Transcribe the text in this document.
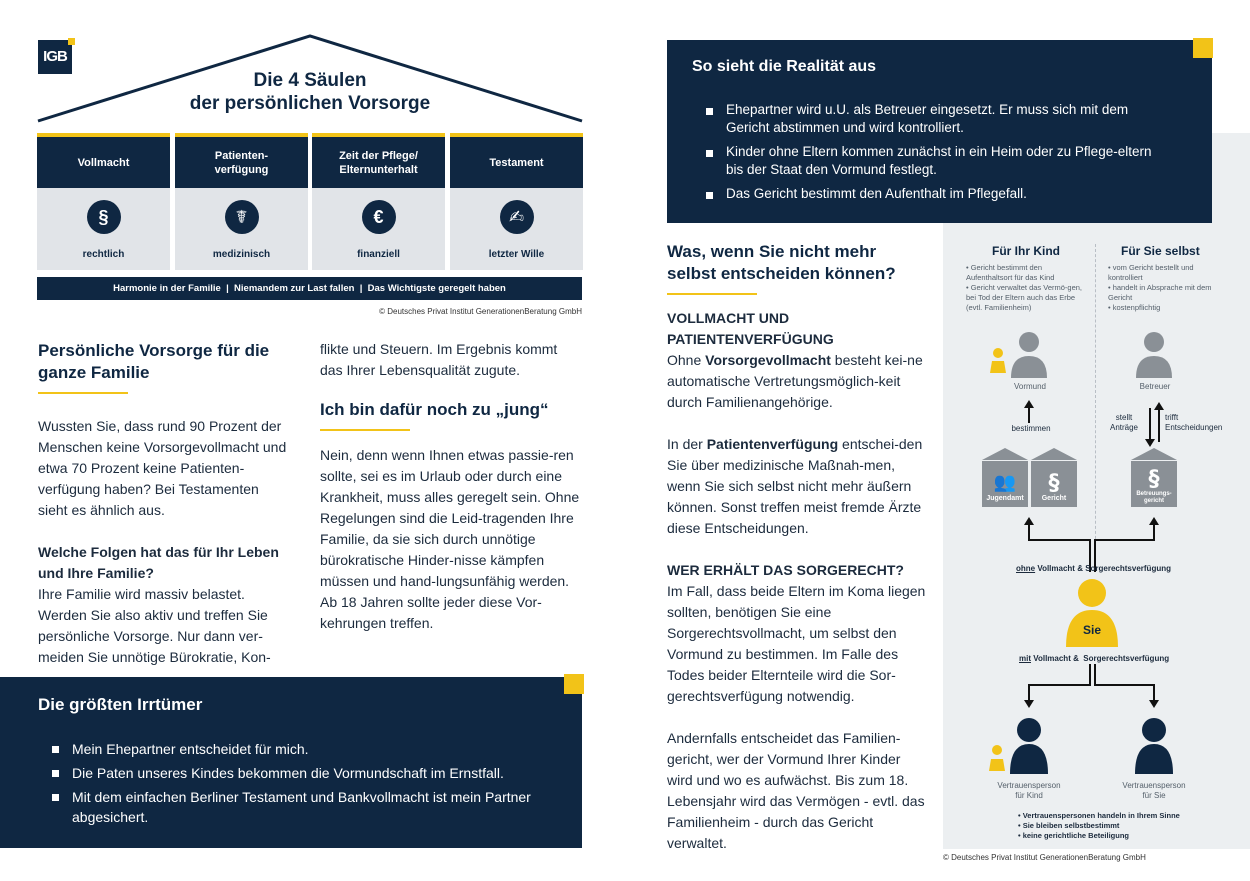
IGB
Die 4 Säulen
der persönlichen Vorsorge
Vollmacht
§
rechtlich
Patienten-
verfügung
☤
medizinisch
Zeit der Pflege/
Elternunterhalt
€
finanziell
Testament
✍
letzter Wille
Harmonie in der Familie  |  Niemandem zur Last fallen  |  Das Wichtigste geregelt haben
© Deutsches Privat Institut GenerationenBeratung GmbH
Persönliche Vorsorge für die ganze Familie

Wussten Sie, dass rund 90 Prozent der Menschen keine Vorsorgevollmacht und etwa 70 Prozent keine Patienten-verfügung haben? Bei Testamenten sieht es ähnlich aus.

Welche Folgen hat das für Ihr Leben und Ihre Familie?

Ihre Familie wird massiv belastet. Werden Sie also aktiv und treffen Sie persönliche Vorsorge. Nur dann ver-meiden Sie unnötige Bürokratie, Kon-

flikte und Steuern. Im Ergebnis kommt das Ihrer Lebensqualität zugute.

Ich bin dafür noch zu „jung“

Nein, denn wenn Ihnen etwas passie-ren sollte, sei es im Urlaub oder durch eine Krankheit, muss alles geregelt sein. Ohne Regelungen sind die Leid-tragenden Ihre Familie, da sie sich durch unnötige bürokratische Hinder-nisse kämpfen müssen und hand-lungsunfähig werden.

Ab 18 Jahren sollte jeder diese Vor-kehrungen treffen.

Die größten Irrtümer
Mein Ehepartner entscheidet für mich.
Die Paten unseres Kindes bekommen die Vormundschaft im Ernstfall.
Mit dem einfachen Berliner Testament und Bankvollmacht ist mein Partner abgesichert.
So sieht die Realität aus
Ehepartner wird u.U. als Betreuer eingesetzt. Er muss sich mit dem Gericht abstimmen und wird kontrolliert.
Kinder ohne Eltern kommen zunächst in ein Heim oder zu Pflege-eltern bis der Staat den Vormund festlegt.
Das Gericht bestimmt den Aufenthalt im Pflegefall.
Was, wenn Sie nicht mehr selbst entscheiden können?

VOLLMACHT UND PATIENTENVERFÜGUNG

Ohne Vorsorgevollmacht besteht kei-ne automatische Vertretungsmöglich-keit durch Familienangehörige.

In der Patientenverfügung entschei-den Sie über medizinische Maßnah-men, wenn Sie sich selbst nicht mehr äußern können. Sonst treffen meist fremde Ärzte diese Entscheidungen.

WER ERHÄLT DAS SORGERECHT?

Im Fall, dass beide Eltern im Koma liegen sollten, benötigen Sie eine Sorgerechtsvollmacht, um selbst den Vormund zu bestimmen. Im Falle des Todes beider Elternteile wird die Sor-gerechtsverfügung notwendig.

Andernfalls entscheidet das Familien-gericht, wer der Vormund Ihrer Kinder wird und wo es aufwächst. Bis zum 18. Lebensjahr wird das Vermögen - evtl. das Familienheim - durch das Gericht verwaltet.

Für Ihr Kind	Für Sie selbst
• Gericht bestimmt den Aufenthaltsort für das Kind
• Gericht verwaltet das Vermö-gen, bei Tod der Eltern auch das Erbe (evtl. Familienheim)
• vom Gericht bestellt und kontrolliert
• handelt in Absprache mit dem Gericht
• kostenpflichtig
👥 §	§
Vormund	Betreuer
bestimmen
stellt Anträge
trifft Entscheidungen
Jugendamt	Gericht
Betreuungs-gericht
ohne Vollmacht & Sorgerechtsverfügung
Sie
mit Vollmacht &  Sorgerechtsverfügung
Vertrauensperson für Kind
Vertrauensperson für Sie
• Vertrauenspersonen handeln in Ihrem Sinne
• Sie bleiben selbstbestimmt
• keine gerichtliche Beteiligung
© Deutsches Privat Institut GenerationenBeratung GmbH
